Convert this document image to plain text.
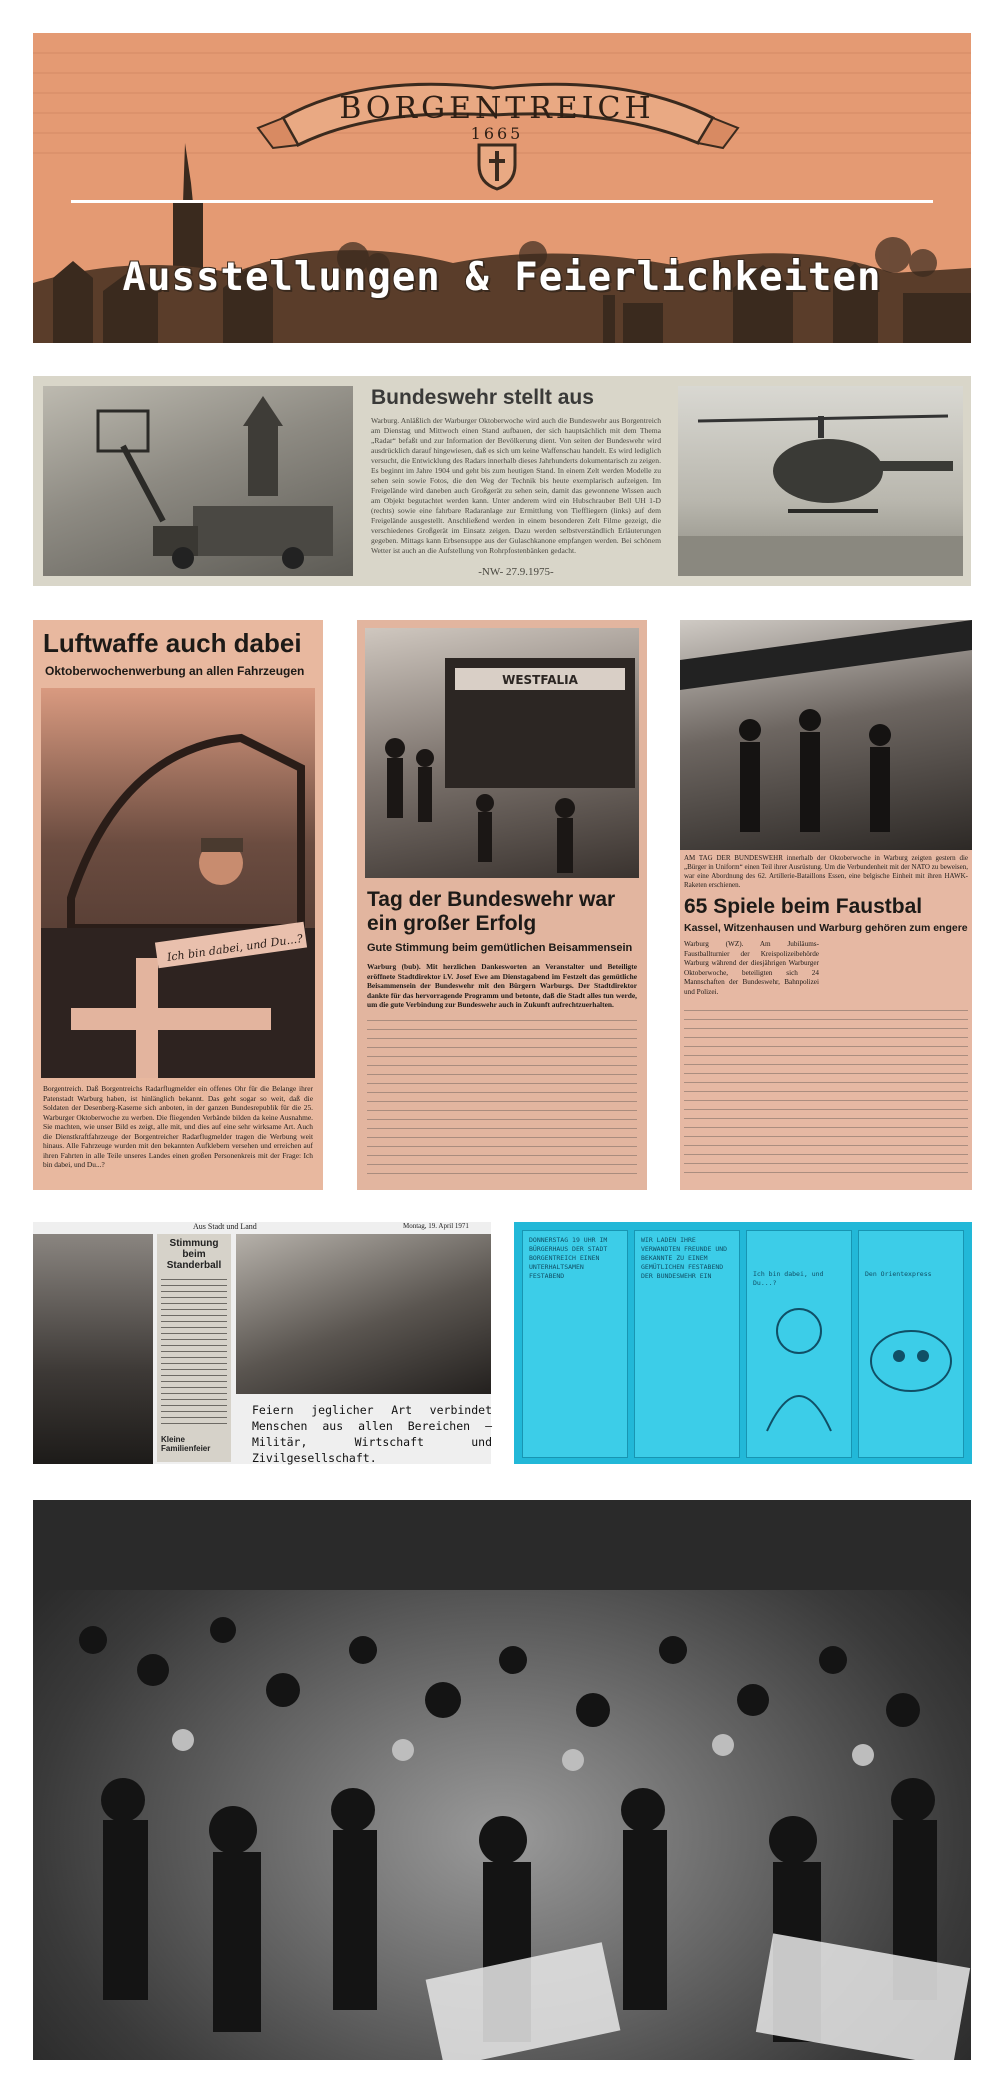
BORGENTREICH
1665
Ausstellungen & Feierlichkeiten
Bundeswehr stellt aus
Warburg. Anläßlich der Warburger Oktoberwoche wird auch die Bundeswehr aus Borgentreich am Dienstag und Mittwoch einen Stand aufbauen, der sich hauptsächlich mit dem Thema „Radar“ befaßt und zur Information der Bevölkerung dient. Von seiten der Bundeswehr wird ausdrücklich darauf hingewiesen, daß es sich um keine Waffenschau handelt. Es wird lediglich versucht, die Entwicklung des Radars innerhalb dieses Jahrhunderts dokumentarisch zu zeigen. Es beginnt im Jahre 1904 und geht bis zum heutigen Stand. In einem Zelt werden Modelle zu sehen sein sowie Fotos, die den Weg der Technik bis heute exemplarisch aufzeigen. Im Freigelände wird daneben auch Großgerät zu sehen sein, damit das gewonnene Wissen auch am Objekt begutachtet werden kann. Unter anderem wird ein Hubschrauber Bell UH 1-D (rechts) sowie eine fahrbare Radaranlage zur Ermittlung von Tieffliegern (links) auf dem Freigelände ausgestellt. Anschließend werden in einem besonderen Zelt Filme gezeigt, die verschiedenes Großgerät im Einsatz zeigen. Dazu werden selbstverständlich Erläuterungen gegeben. Mittags kann Erbsensuppe aus der Gulaschkanone empfangen werden. Bei schönem Wetter ist auch an die Aufstellung von Rohrpfostenbänken gedacht.
-NW- 27.9.1975-
Luftwaffe auch dabei
Oktoberwochenwerbung an allen Fahrzeugen
Ich bin dabei, und Du...?
Borgentreich. Daß Borgentreichs Radarflugmelder ein offenes Ohr für die Belange ihrer Patenstadt Warburg haben, ist hinlänglich bekannt. Das geht sogar so weit, daß die Soldaten der Desenberg-Kaserne sich anboten, in der ganzen Bundesrepublik für die 25. Warburger Oktoberwoche zu werben. Die fliegenden Verbände bilden da keine Ausnahme. Sie machten, wie unser Bild es zeigt, alle mit, und dies auf eine sehr wirksame Art. Auch die Dienstkraftfahrzeuge der Borgentreicher Radarflugmelder tragen die Werbung weit hinaus. Alle Fahrzeuge wurden mit den bekannten Aufklebern versehen und erreichen auf ihren Fahrten in alle Teile unseres Landes einen großen Personenkreis mit der Frage: Ich bin dabei, und Du...?
WESTFALIA
Tag der Bundeswehr war ein großer Erfolg
Gute Stimmung beim gemütlichen Beisammensein
Warburg (bub). Mit herzlichen Dankesworten an Veranstalter und Beteiligte eröffnete Stadtdirektor i.V. Josef Ewe am Dienstagabend im Festzelt das gemütliche Beisammensein der Bundeswehr mit den Bürgern Warburgs. Der Stadtdirektor dankte für das hervorragende Programm und betonte, daß die Stadt alles tun werde, um die gute Verbindung zur Bundeswehr auch in Zukunft aufrechtzuerhalten.
AM TAG DER BUNDESWEHR innerhalb der Oktoberwoche in Warburg zeigten gestern die „Bürger in Uniform“ einen Teil ihrer Ausrüstung. Um die Verbundenheit mit der NATO zu beweisen, war eine Abordnung des 62. Artillerie-Bataillons Essen, eine belgische Einheit mit ihren HAWK-Raketen erschienen.
65 Spiele beim Faustbal
Kassel, Witzenhausen und Warburg gehören zum engere
Warburg (WZ). Am Jubiläums-Faustballturnier der Kreispolizeibehörde Warburg während der diesjährigen Warburger Oktoberwoche, beteiligten sich 24 Mannschaften der Bundeswehr, Bahnpolizei und Polizei.
Aus Stadt und Land	Montag, 19. April 1971
Stimmung beim Standerball
Kleine Familienfeier
Feiern jeglicher Art verbindet Menschen aus allen Bereichen – Militär, Wirtschaft und Zivilgesellschaft.
DONNERSTAG 19 UHR IM BÜRGERHAUS DER STADT BORGENTREICH EINEN UNTERHALTSAMEN FESTABEND
WIR LADEN IHRE VERWANDTEN FREUNDE UND BEKANNTE ZU EINEM GEMÜTLICHEN FESTABEND DER BUNDESWEHR EIN	Ich bin dabei, und Du...?
Den Orientexpress
